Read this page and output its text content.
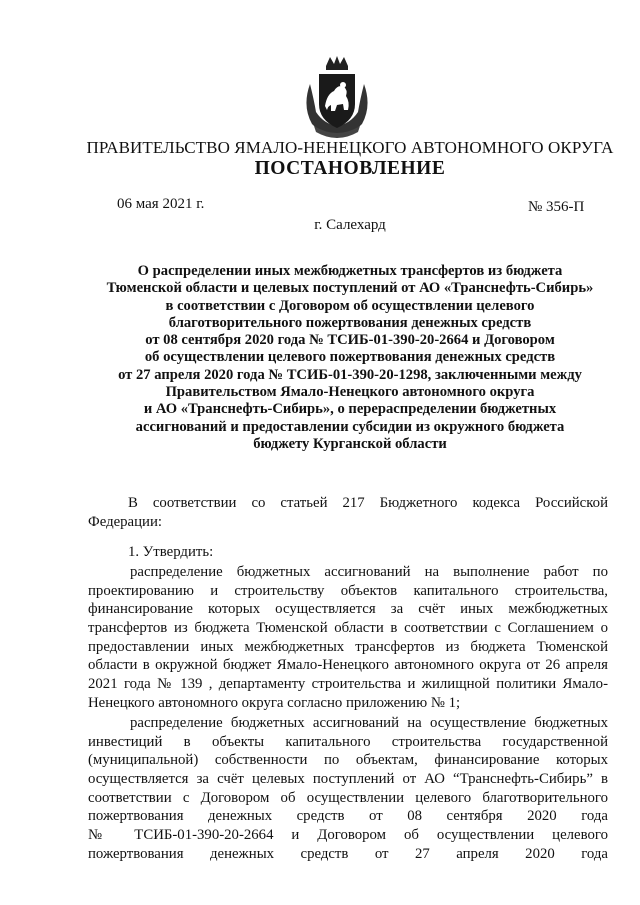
ПРАВИТЕЛЬСТВО ЯМАЛО-НЕНЕЦКОГО АВТОНОМНОГО ОКРУГА
ПОСТАНОВЛЕНИЕ
06 мая 2021 г.	№ 356-П
г. Салехард
О распределении иных межбюджетных трансфертов из бюджета
Тюменской области и целевых поступлений от АО «Транснефть-Сибирь»
в соответствии с Договором об осуществлении целевого
благотворительного пожертвования денежных средств
от 08 сентября 2020 года № ТСИБ-01-390-20-2664 и Договором
об осуществлении целевого пожертвования денежных средств
от 27 апреля 2020 года № ТСИБ-01-390-20-1298, заключенными между
Правительством Ямало-Ненецкого автономного округа
и АО «Транснефть-Сибирь», о перераспределении бюджетных
ассигнований и предоставлении субсидии из окружного бюджета
бюджету Курганской области
В соответствии со статьей 217 Бюджетного кодекса Российской
Федерации:
1. Утвердить:
распределение бюджетных ассигнований на выполнение работ по
проектированию и строительству объектов капитального строительства,
финансирование которых осуществляется за счёт иных межбюджетных
трансфертов из бюджета Тюменской области в соответствии с Соглашением о
предоставлении иных межбюджетных трансфертов из бюджета Тюменской
области в окружной бюджет Ямало-Ненецкого автономного округа от 26 апреля
2021 года № 139 , департаменту строительства и жилищной политики Ямало-
Ненецкого автономного округа согласно приложению № 1;
распределение бюджетных ассигнований на осуществление бюджетных
инвестиций в объекты капитального строительства государственной
(муниципальной) собственности по объектам, финансирование которых
осуществляется за счёт целевых поступлений от АО “Транснефть-Сибирь” в
соответствии с Договором об осуществлении целевого благотворительного
пожертвования денежных средств от 08 сентября 2020 года
№ ТСИБ-01-390-20-2664 и Договором об осуществлении целевого
пожертвования денежных средств от 27 апреля 2020 года
